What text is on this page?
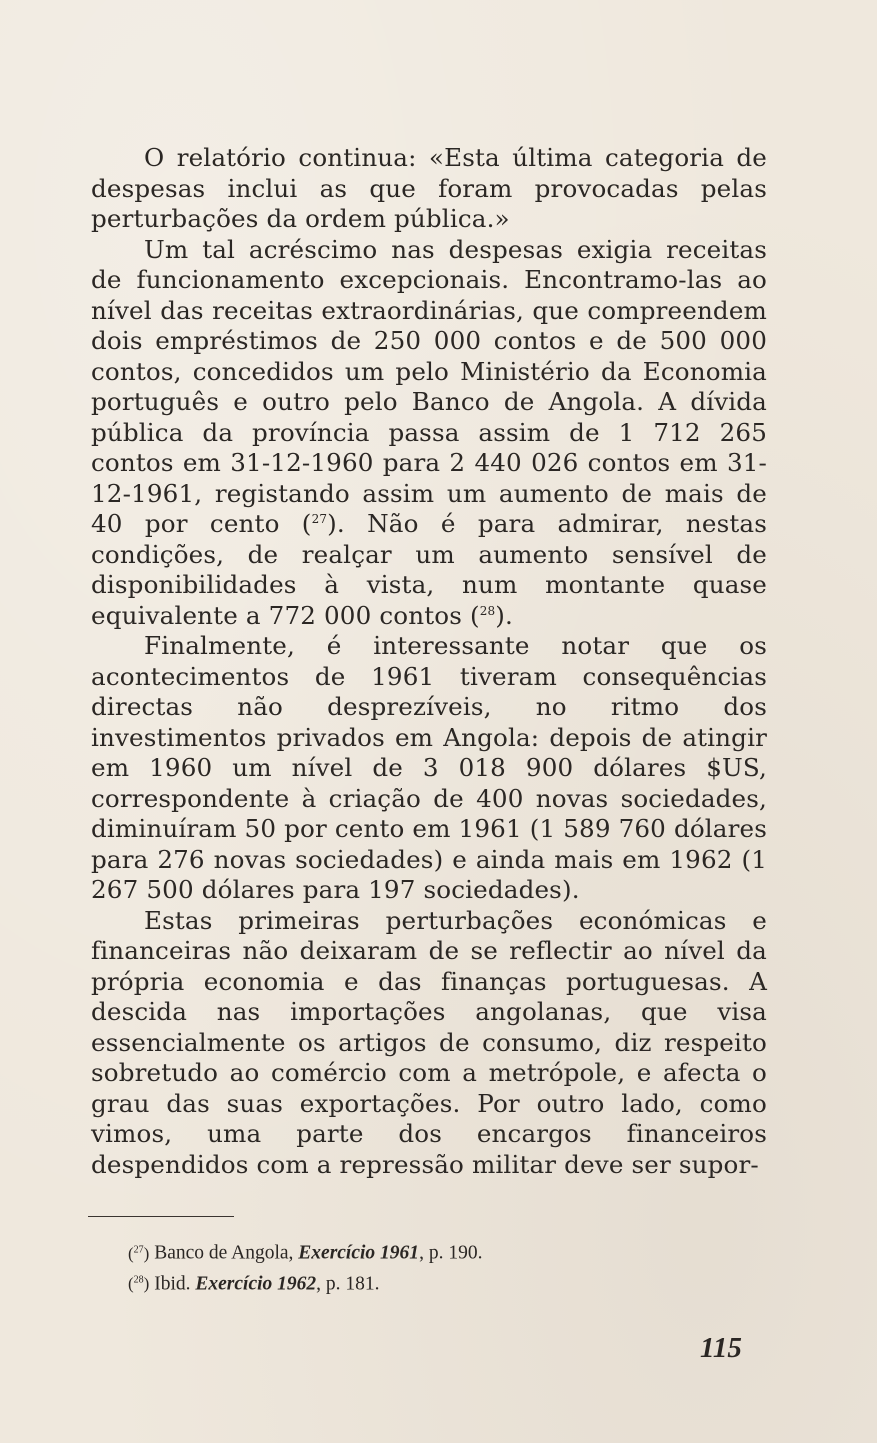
O relatório continua: «Esta última categoria de despesas inclui as que foram provocadas pelas perturbações da ordem pública.»

Um tal acréscimo nas despesas exigia receitas de funcionamento excepcionais. Encontramo-las ao nível das receitas extraordinárias, que compreendem dois empréstimos de 250 000 contos e de 500 000 contos, concedidos um pelo Ministério da Economia português e outro pelo Banco de Angola. A dívida pública da província passa assim de 1 712 265 contos em 31-12-1960 para 2 440 026 contos em 31-12-1961, registando assim um aumento de mais de 40 por cento ($^{27}$). Não é para admirar, nestas condições, de realçar um aumento sensível de disponibilidades à vista, num montante quase equivalente a 772 000 contos ($^{28}$).

Finalmente, é interessante notar que os acontecimentos de 1961 tiveram consequências directas não desprezíveis, no ritmo dos investimentos privados em Angola: depois de atingir em 1960 um nível de 3 018 900 dólares $US, correspondente à criação de 400 novas sociedades, diminuíram 50 por cento em 1961 (1 589 760 dólares para 276 novas sociedades) e ainda mais em 1962 (1 267 500 dólares para 197 sociedades).

Estas primeiras perturbações económicas e financeiras não deixaram de se reflectir ao nível da própria economia e das finanças portuguesas. A descida nas importações angolanas, que visa essencialmente os artigos de consumo, diz respeito sobretudo ao comércio com a metrópole, e afecta o grau das suas exportações. Por outro lado, como vimos, uma parte dos encargos financeiros despendidos com a repressão militar deve ser supor-

($^{27}$) Banco de Angola, Exercício 1961, p. 190.
($^{28}$) Ibid. Exercício 1962, p. 181.
115
